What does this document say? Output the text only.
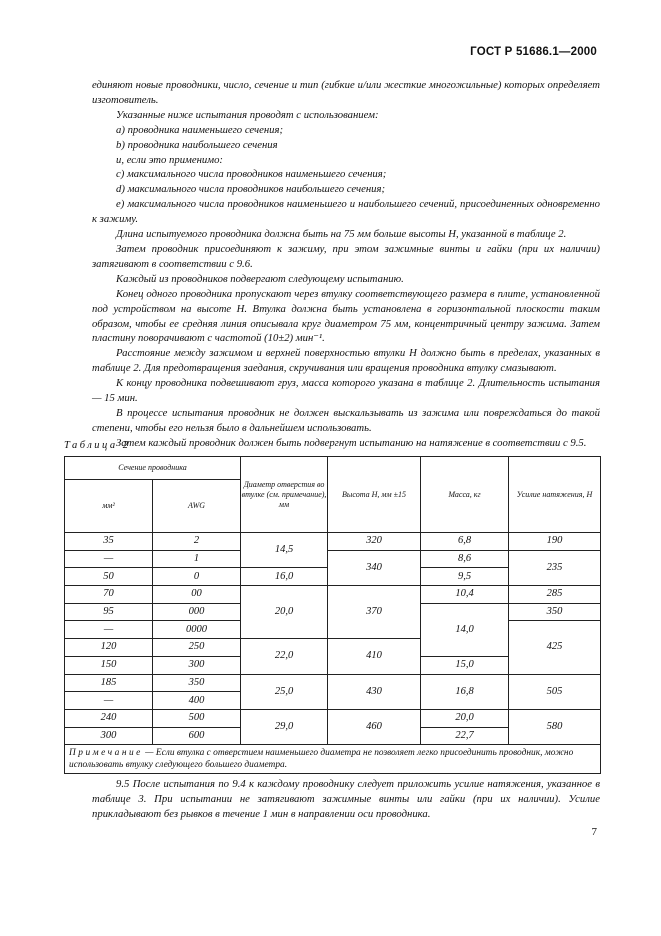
ГОСТ Р 51686.1—2000

единяют новые проводники, число, сечение и тип (гибкие и/или жесткие многожильные) которых определяет изготовитель.

Указанные ниже испытания проводят с использованием:

a) проводника наименьшего сечения;

b) проводника наибольшего сечения

и, если это применимо:

c) максимального числа проводников наименьшего сечения;

d) максимального числа проводников наибольшего сечения;

e) максимального числа проводников наименьшего и наибольшего сечений, присоединенных одновременно к зажиму.

Длина испытуемого проводника должна быть на 75 мм больше высоты H, указанной в таблице 2.

Затем проводник присоединяют к зажиму, при этом зажимные винты и гайки (при их наличии) затягивают в соответствии с 9.6.

Каждый из проводников подвергают следующему испытанию.

Конец одного проводника пропускают через втулку соответствующего размера в плите, установленной под устройством на высоте H. Втулка должна быть установлена в горизонтальной плоскости таким образом, чтобы ее средняя линия описывала круг диаметром 75 мм, концентричный центру зажима. Затем пластину поворачивают с частотой (10±2) мин⁻¹.

Расстояние между зажимом и верхней поверхностью втулки H должно быть в пределах, указанных в таблице 2. Для предотвращения заедания, скручивания или вращения проводника втулку смазывают.

К концу проводника подвешивают груз, масса которого указана в таблице 2. Длительность испытания — 15 мин.

В процессе испытания проводник не должен выскальзывать из зажима или повреждаться до такой степени, чтобы его нельзя было в дальнейшем использовать.

Затем каждый проводник должен быть подвергнут испытанию на натяжение в соответствии с 9.5.

Таблица 2
Сечение проводника		Диаметр отверстия во втулке (см. примечание), мм	Высота H, мм ±15	Масса, кг	Усилие натяжения, Н
мм²	AWG				
35	2	14,5	320	6,8	190
—	1		340	8,6	235
50	0	16,0		9,5	
70	00	20,0	370	10,4	285
95	000			14,0	350
—	0000				425
120	250	22,0	410		
150	300			15,0	
185	350	25,0	430	16,8	505
—	400				
240	500	29,0	460	20,0	580
300	600			22,7	
Примечание — Если втулка с отверстием наименьшего диаметра не позволяет легко присоединить проводник, можно использовать втулку следующего большего диаметра.					

9.5 После испытания по 9.4 к каждому проводнику следует приложить усилие натяжения, указанное в таблице 3. При испытании не затягивают зажимные винты или гайки (при их наличии). Усилие прикладывают без рывков в течение 1 мин в направлении оси проводника.

7
